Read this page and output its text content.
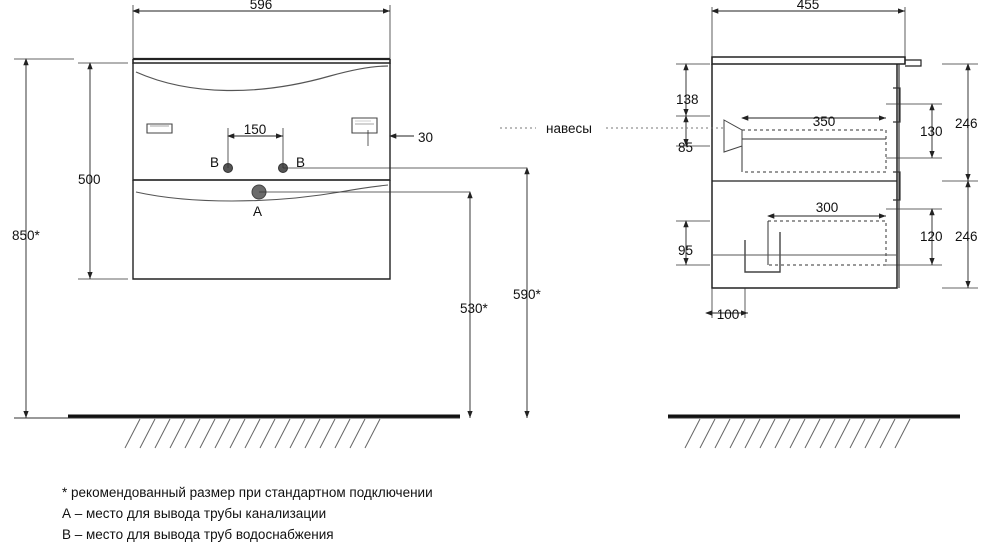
596	455
150
350
300
100
30
500
850*
530*
590*
навесы
138
85
95
130
120
246
246
B	B
A
* рекомендованный размер при стандартном подключении
А – место для вывода трубы канализации
В – место для вывода труб водоснабжения
